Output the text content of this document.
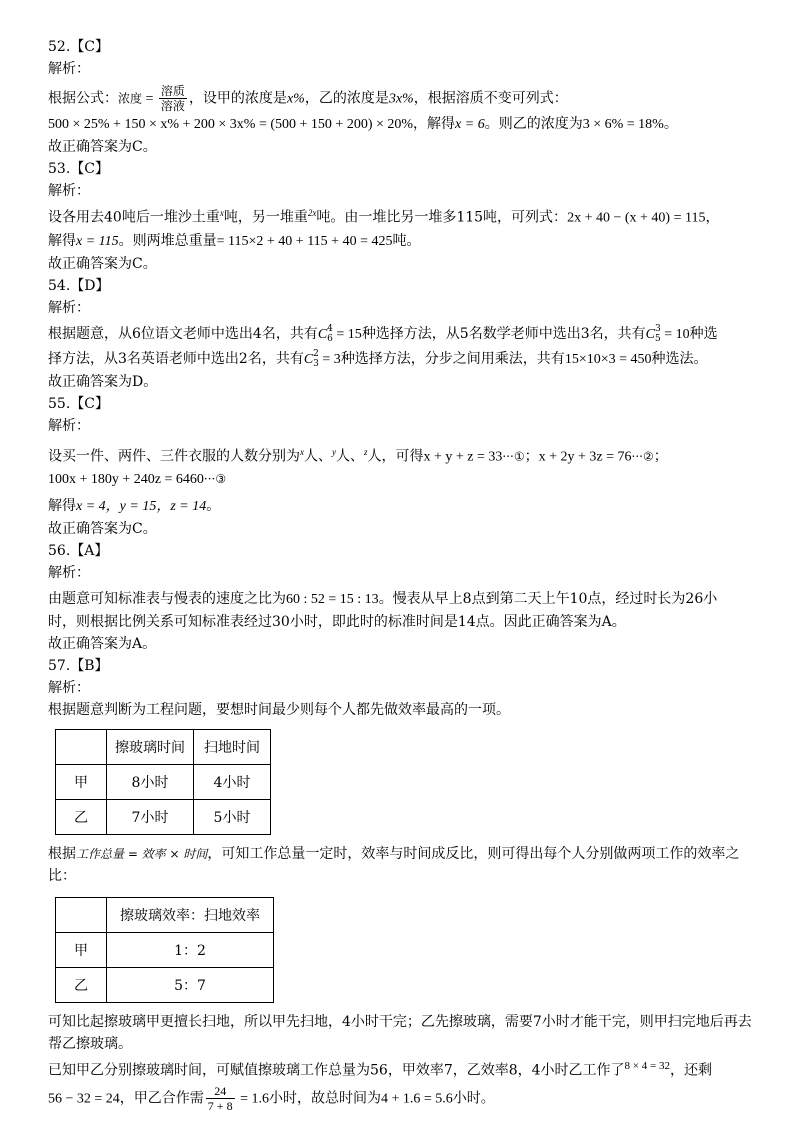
52.【C】
解析：
根据公式：浓度 = $\frac{\text{溶质}}{\text{溶液}}$ ，设甲的浓度是x%，乙的浓度是3x%，根据溶质不变可列式：
500 × 25% + 150 × x% + 200 × 3x% = (500 + 150 + 200) × 20%，解得x = 6。则乙的浓度为3 × 6% = 18%。
故正确答案为C。
53.【C】
解析：
设各用去40吨后一堆沙土重$^x$吨，另一堆重$^{2x}$吨。由一堆比另一堆多115吨，可列式：2x + 40 − (x + 40) = 115，
解得x = 115。则两堆总重量= 115×2 + 40 + 115 + 40 = 425吨。
故正确答案为C。
54.【D】
解析：
根据题意，从6位语文老师中选出4名，共有C 4
6 = 15种选择方法，从5名数学老师中选出3名，共有C 3
5 = 10种选
择方法，从3名英语老师中选出2名，共有C 2
3 = 3种选择方法，分步之间用乘法，共有15×10×3 = 450种选法。
故正确答案为D。
55.【C】
解析：
设买一件、两件、三件衣服的人数分别为$^x$人、$^y$人、$^z$人，可得x + y + z = 33···①；x + 2y + 3z = 76···②；
100x + 180y + 240z = 6460···③
解得x = 4，y = 15，z = 14。
故正确答案为C。
56.【A】
解析：
由题意可知标准表与慢表的速度之比为60 : 52 = 15 : 13。慢表从早上8点到第二天上午10点，经过时长为26小
时，则根据比例关系可知标准表经过30小时，即此时的标准时间是14点。因此正确答案为A。
故正确答案为A。
57.【B】
解析：
根据题意判断为工程问题，要想时间最少则每个人都先做效率最高的一项。
	擦玻璃时间	扫地时间
甲	8小时	4小时
乙	7小时	5小时
根据工作总量 = 效率 × 时间，可知工作总量一定时，效率与时间成反比，则可得出每个人分别做两项工作的效率之
比：
	擦玻璃效率：扫地效率
甲	1：2
乙	5：7
可知比起擦玻璃甲更擅长扫地，所以甲先扫地，4小时干完；乙先擦玻璃，需要7小时才能干完，则甲扫完地后再去帮乙擦玻璃。
已知甲乙分别擦玻璃时间，可赋值擦玻璃工作总量为56，甲效率7，乙效率8，4小时乙工作了$^{8 \times 4 = 32}$，还剩
56 − 32 = 24，甲乙合作需 $\frac{24}{7 + 8} = 1.6$小时，故总时间为4 + 1.6 = 5.6小时。
